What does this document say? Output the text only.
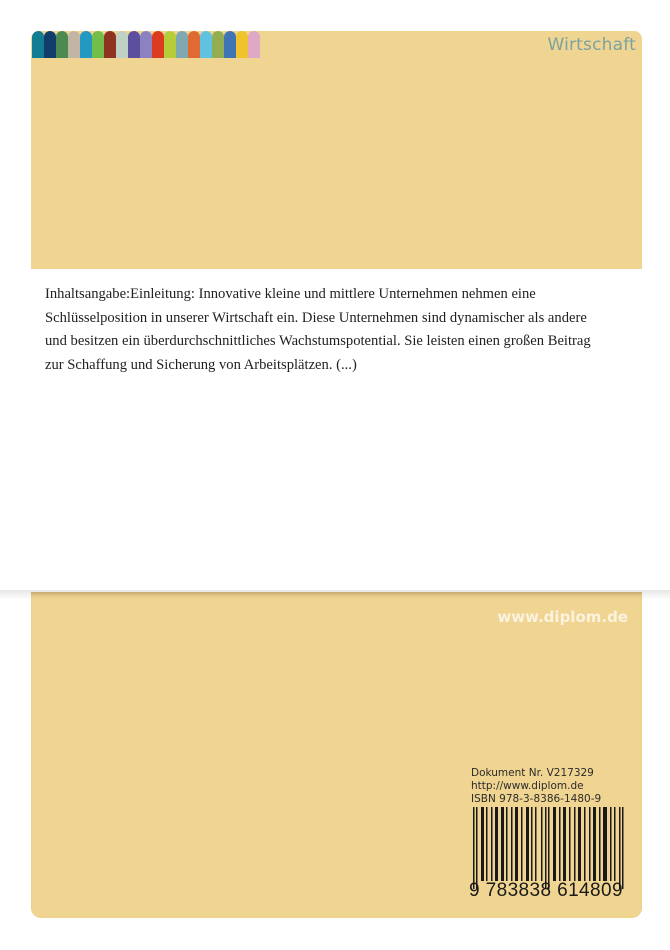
Wirtschaft

Inhaltsangabe:Einleitung: Innovative kleine und mittlere Unternehmen nehmen eine Schlüsselposition in unserer Wirtschaft ein. Diese Unternehmen sind dynamischer als andere und besitzen ein überdurchschnittliches Wachstumspotential. Sie leisten einen großen Beitrag zur Schaffung und Sicherung von Arbeitsplätzen. (...)

www.diplom.de
Dokument Nr. V217329
http://www.diplom.de
ISBN 978-3-8386-1480-9
9 783838 614809
